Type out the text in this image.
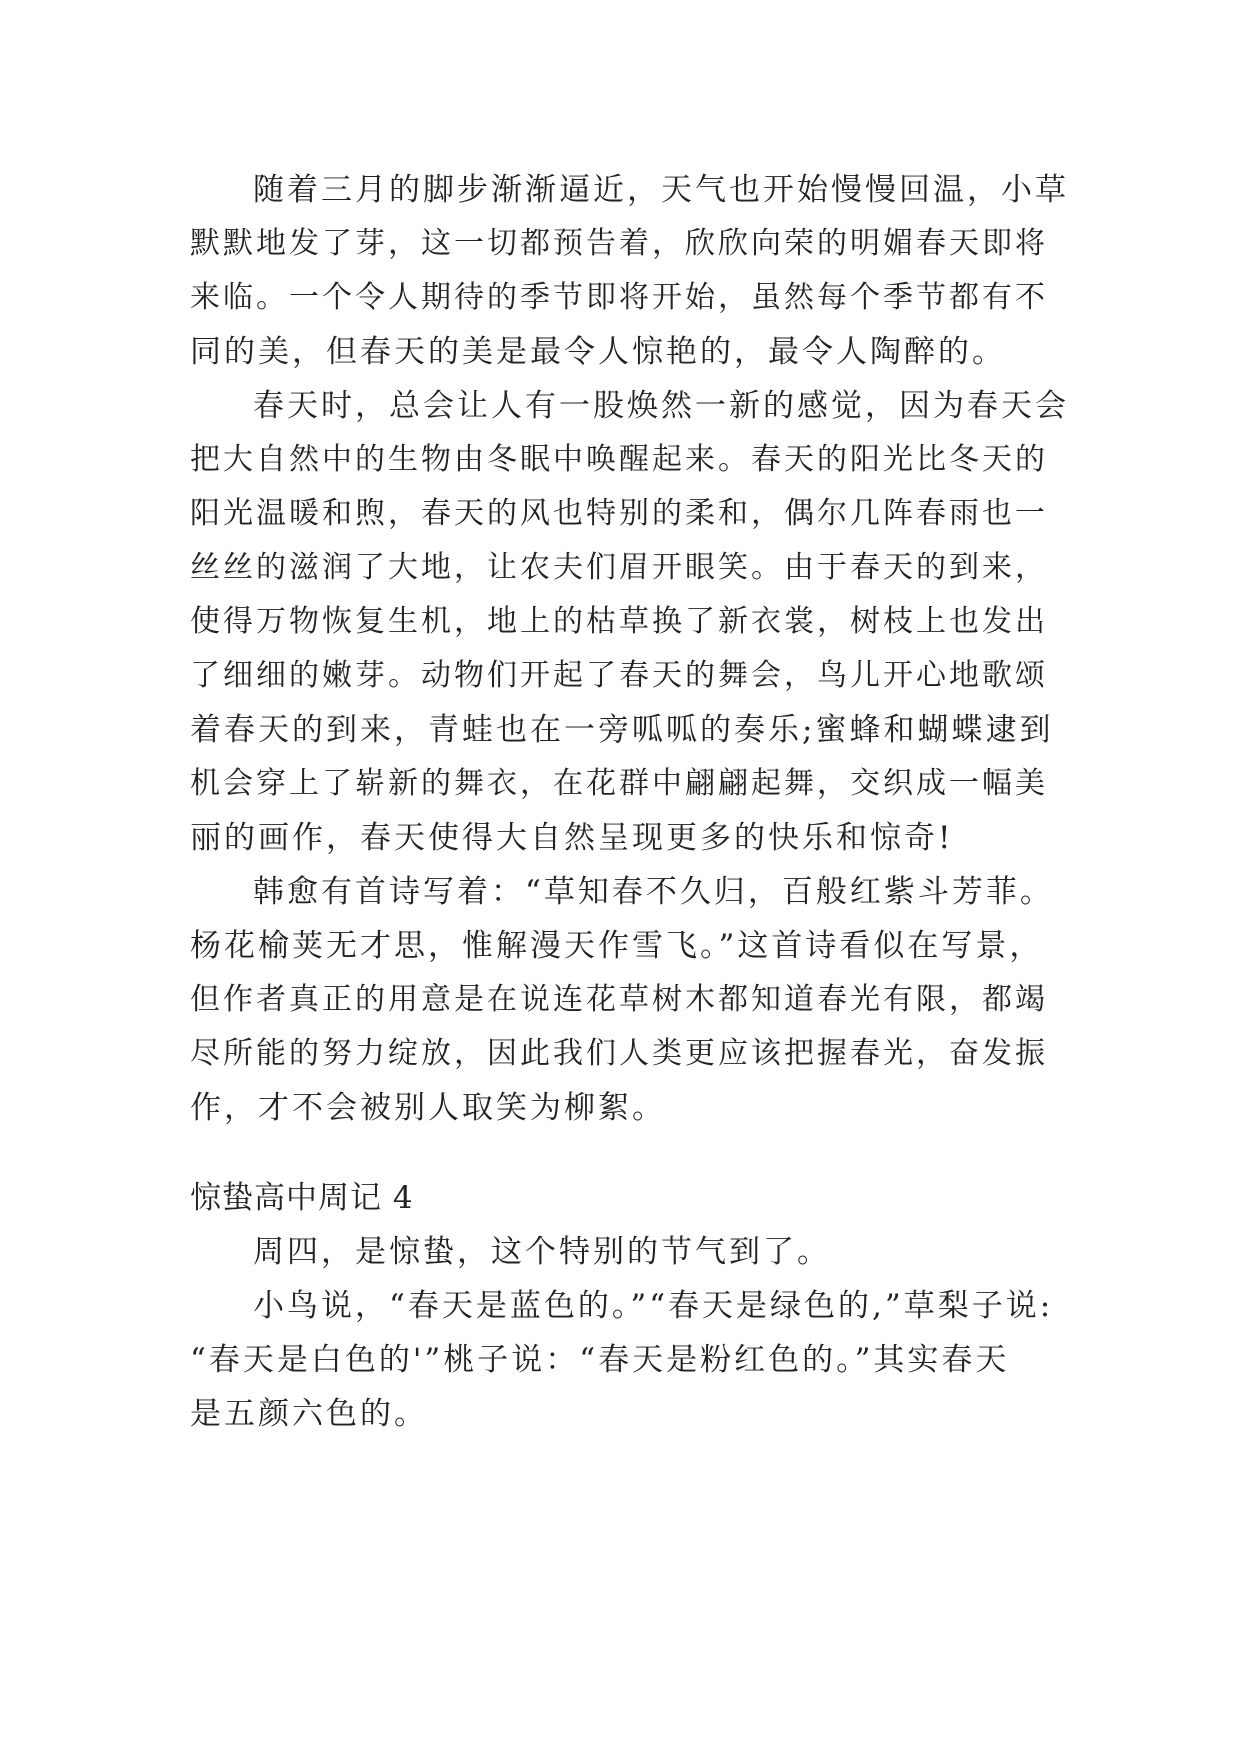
随着三月的脚步渐渐逼近，天气也开始慢慢回温，小草
默默地发了芽，这一切都预告着，欣欣向荣的明媚春天即将
来临。一个令人期待的季节即将开始，虽然每个季节都有不
同的美，但春天的美是最令人惊艳的，最令人陶醉的。
春天时，总会让人有一股焕然一新的感觉，因为春天会
把大自然中的生物由冬眠中唤醒起来。春天的阳光比冬天的
阳光温暖和煦，春天的风也特别的柔和，偶尔几阵春雨也一
丝丝的滋润了大地，让农夫们眉开眼笑。由于春天的到来，
使得万物恢复生机，地上的枯草换了新衣裳，树枝上也发出
了细细的嫩芽。动物们开起了春天的舞会，鸟儿开心地歌颂
着春天的到来，青蛙也在一旁呱呱的奏乐;蜜蜂和蝴蝶逮到
机会穿上了崭新的舞衣，在花群中翩翩起舞，交织成一幅美
丽的画作，春天使得大自然呈现更多的快乐和惊奇!
韩愈有首诗写着：“草知春不久归，百般红紫斗芳菲。
杨花榆荚无才思，惟解漫天作雪飞。”这首诗看似在写景，
但作者真正的用意是在说连花草树木都知道春光有限，都竭
尽所能的努力绽放，因此我们人类更应该把握春光，奋发振
作，才不会被别人取笑为柳絮。
惊蛰高中周记 4
周四，是惊蛰，这个特别的节气到了。
小鸟说，“春天是蓝色的。”“春天是绿色的,”草梨子说:
“春天是白色的'”桃子说：“春天是粉红色的。”其实春天
是五颜六色的。
